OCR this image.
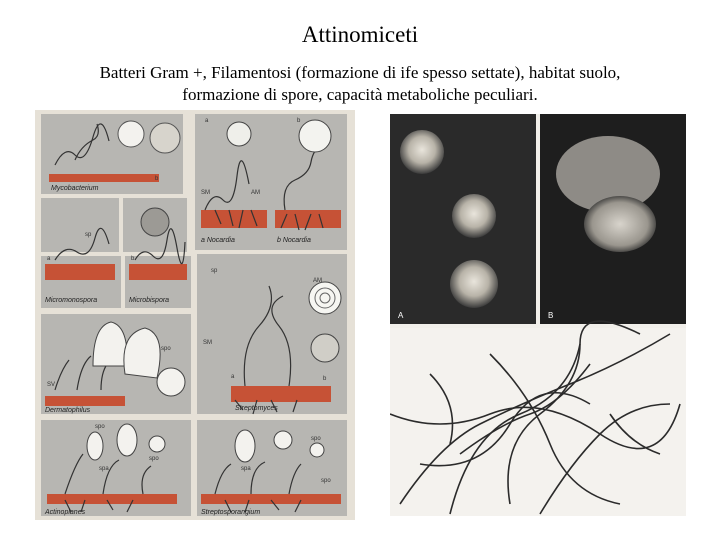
Attinomiceti
Batteri Gram +, Filamentosi (formazione di ife spesso settate), habitat suolo,
formazione di spore, capacità metaboliche peculiari.
Mycobacterium
a Nocardia	b Nocardia
Micromonospora	Microbispora
Dermatophilus	Streptomyces
Actinoplanes	Streptosporangium
b
a	b
SM	AM
sp
a	b
sp
AM
SM
spo
SV
a	b
spo
spo
spo
spa	spa
spo
A	B
